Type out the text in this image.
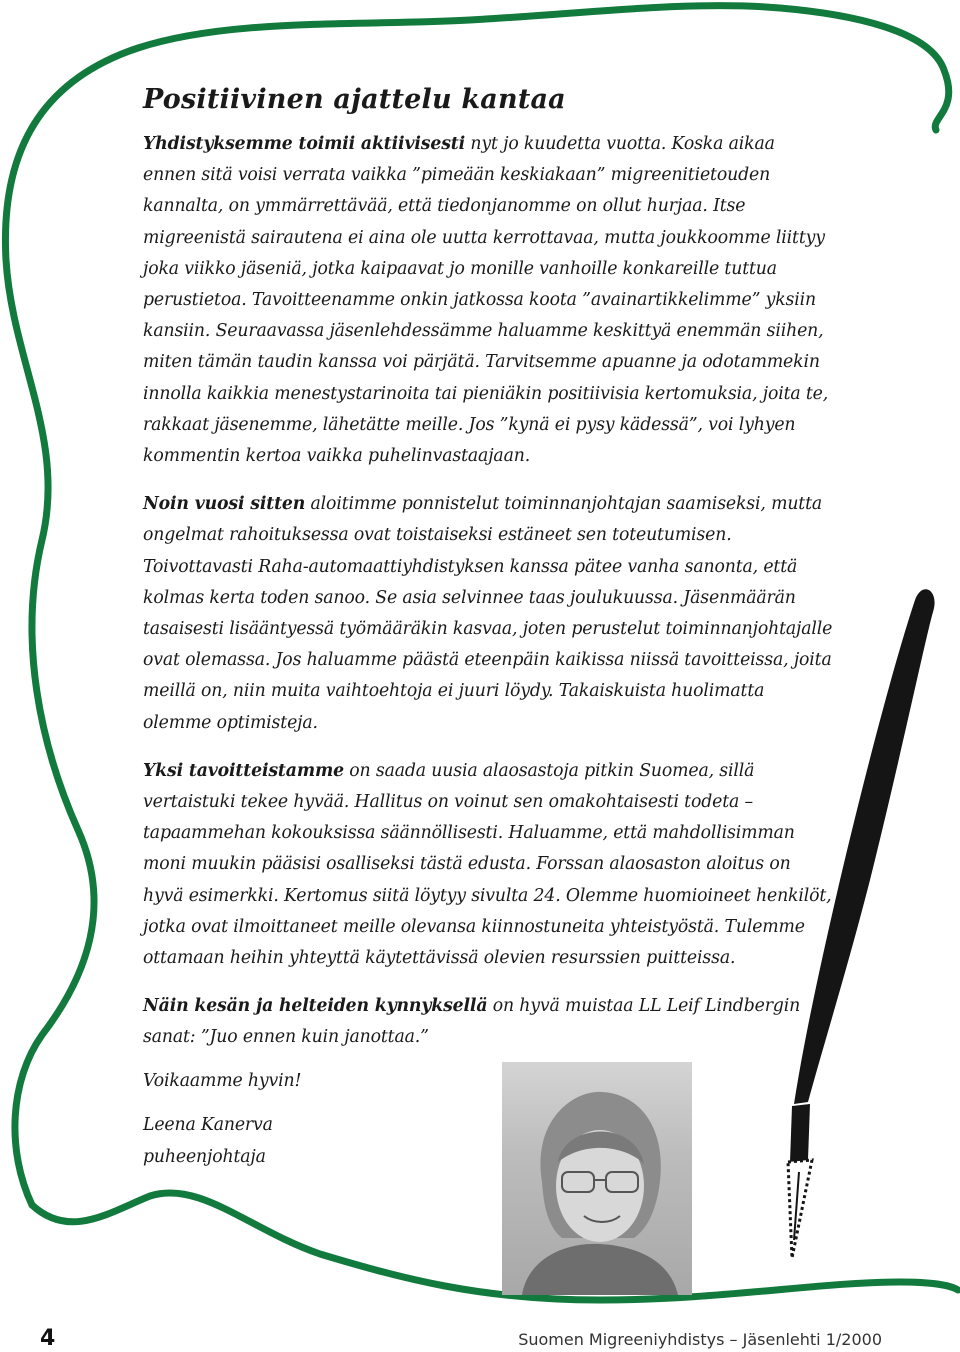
Positiivinen ajattelu kantaa

Yhdistyksemme toimii aktiivisesti nyt jo kuudetta vuotta. Koska aikaa ennen sitä voisi verrata vaikka ”pimeään keskiakaan” migreenitietouden kannalta, on ymmärrettävää, että tiedonjanomme on ollut hurjaa. Itse migreenistä sairautena ei aina ole uutta kerrottavaa, mutta joukkoomme liittyy joka viikko jäseniä, jotka kaipaavat jo monille vanhoille konkareille tuttua perustietoa. Tavoitteenamme onkin jatkossa koota ”avainartikkelimme” yksiin kansiin. Seuraavassa jäsenlehdessämme haluamme keskittyä enemmän siihen, miten tämän taudin kanssa voi pärjätä. Tarvitsemme apuanne ja odotammekin innolla kaikkia menestystarinoita tai pieniäkin positiivisia kertomuksia, joita te, rakkaat jäsenemme, lähetätte meille. Jos ”kynä ei pysy kädessä”, voi lyhyen kommentin kertoa vaikka puhelinvastaajaan.

Noin vuosi sitten aloitimme ponnistelut toiminnanjohtajan saamiseksi, mutta ongelmat rahoituksessa ovat toistaiseksi estäneet sen toteutumisen. Toivottavasti Raha-automaattiyhdistyksen kanssa pätee vanha sanonta, että kolmas kerta toden sanoo. Se asia selvinnee taas joulukuussa. Jäsenmäärän tasaisesti lisääntyessä työmääräkin kasvaa, joten perustelut toiminnanjohtajalle ovat olemassa. Jos haluamme päästä eteenpäin kaikissa niissä tavoitteissa, joita meillä on, niin muita vaihtoehtoja ei juuri löydy. Takaiskuista huolimatta olemme optimisteja.

Yksi tavoitteistamme on saada uusia alaosastoja pitkin Suomea, sillä vertaistuki tekee hyvää. Hallitus on voinut sen omakohtaisesti todeta – tapaammehan kokouksissa säännöllisesti. Haluamme, että mahdollisimman moni muukin pääsisi osalliseksi tästä edusta. Forssan alaosaston aloitus on hyvä esimerkki. Kertomus siitä löytyy sivulta 24. Olemme huomioineet henkilöt, jotka ovat ilmoittaneet meille olevansa kiinnostuneita yhteistyöstä. Tulemme ottamaan heihin yhteyttä käytettävissä olevien resurssien puitteissa.

Näin kesän ja helteiden kynnyksellä on hyvä muistaa LL Leif Lindbergin sanat: ”Juo ennen kuin janottaa.”

Voikaamme hyvin!

Leena Kanerva

puheenjohtaja

4	Suomen Migreeniyhdistys – Jäsenlehti 1/2000
